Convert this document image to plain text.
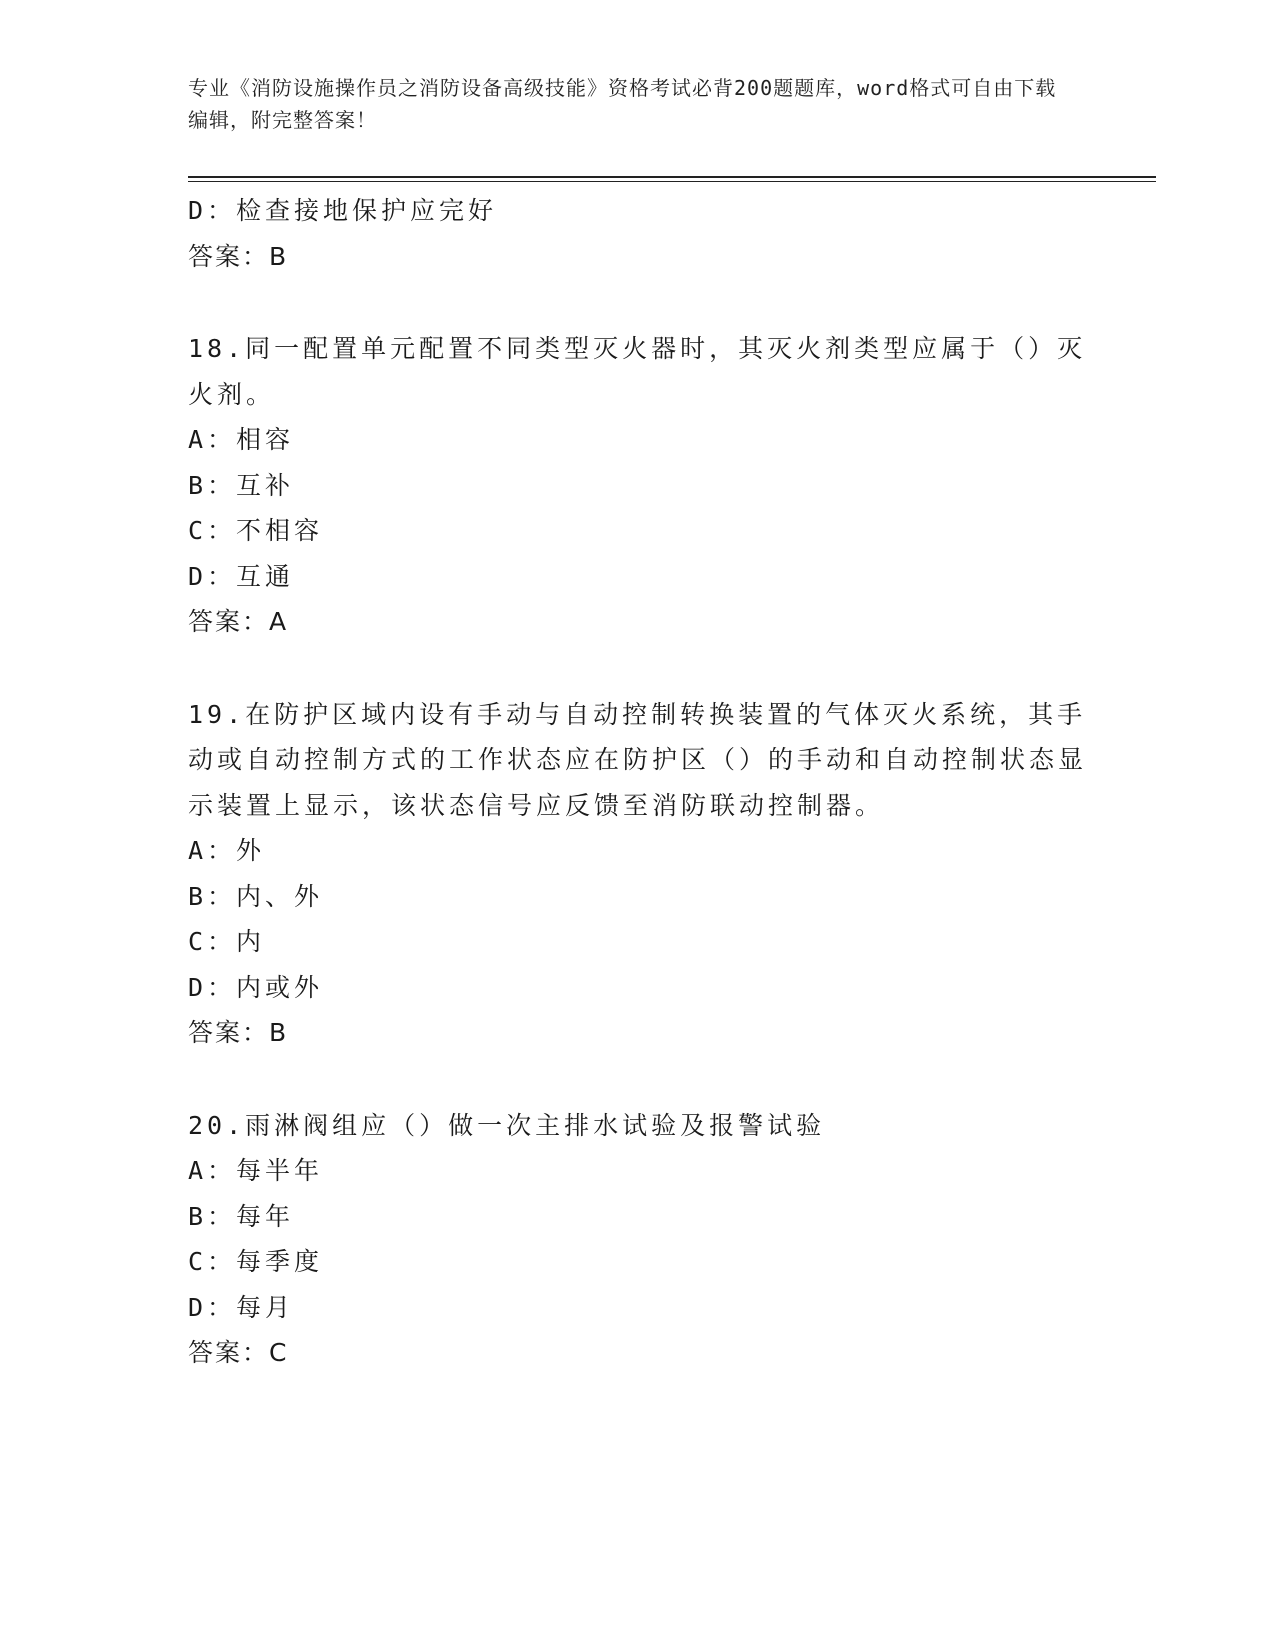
专业《消防设施操作员之消防设备高级技能》资格考试必背200题题库，word格式可自由下载编辑，附完整答案！
D：检查接地保护应完好
答案：B
18.同一配置单元配置不同类型灭火器时，其灭火剂类型应属于（）灭火剂。
A：相容
B：互补
C：不相容
D：互通
答案：A
19.在防护区域内设有手动与自动控制转换装置的气体灭火系统，其手动或自动控制方式的工作状态应在防护区（）的手动和自动控制状态显示装置上显示，该状态信号应反馈至消防联动控制器。
A：外
B：内、外
C：内
D：内或外
答案：B
20.雨淋阀组应（）做一次主排水试验及报警试验
A：每半年
B：每年
C：每季度
D：每月
答案：C
